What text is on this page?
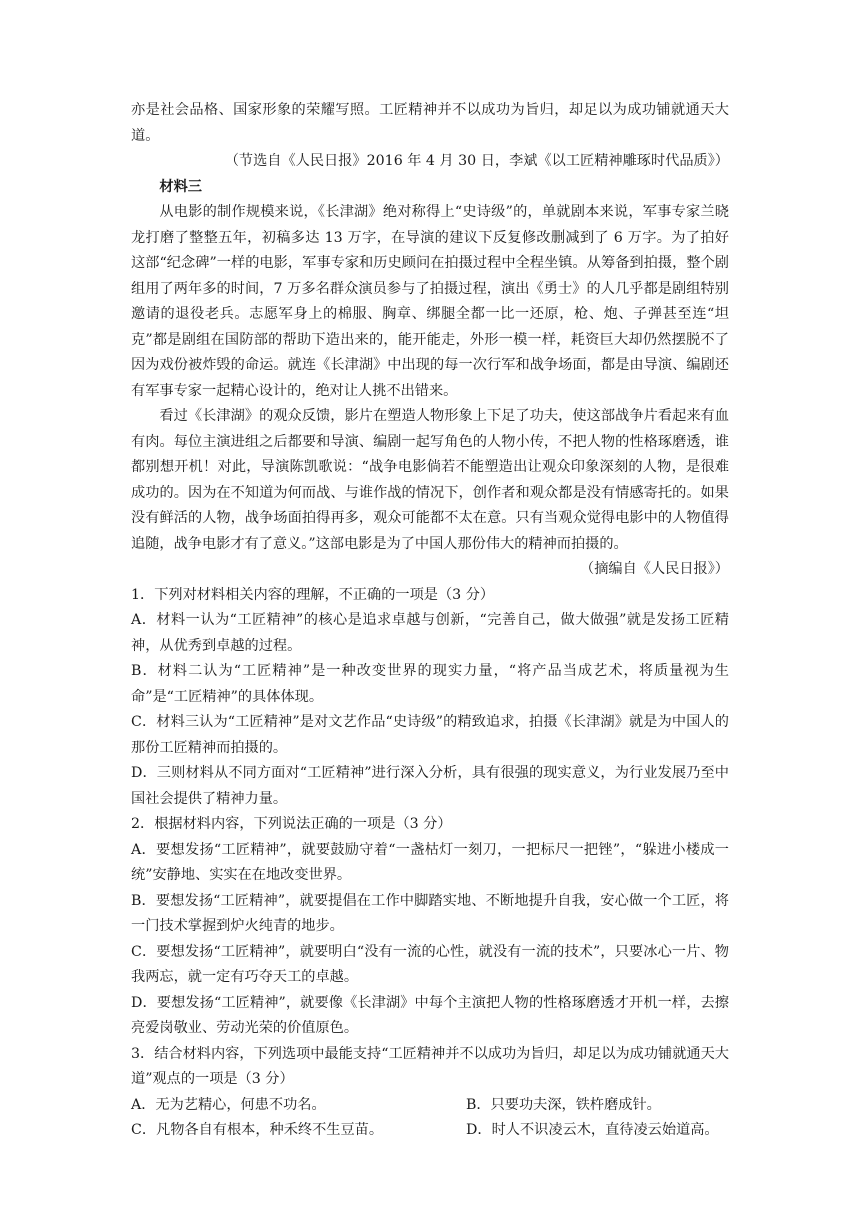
亦是社会品格、国家形象的荣耀写照。工匠精神并不以成功为旨归，却足以为成功铺就通天大道。

（节选自《人民日报》2016 年 4 月 30 日，李斌《以工匠精神雕琢时代品质》）

材料三

从电影的制作规模来说，《长津湖》绝对称得上“史诗级”的，单就剧本来说，军事专家兰晓龙打磨了整整五年，初稿多达 13 万字，在导演的建议下反复修改删减到了 6 万字。为了拍好这部“纪念碑”一样的电影，军事专家和历史顾问在拍摄过程中全程坐镇。从筹备到拍摄，整个剧组用了两年多的时间，7 万多名群众演员参与了拍摄过程，演出《勇士》的人几乎都是剧组特别邀请的退役老兵。志愿军身上的棉服、胸章、绑腿全都一比一还原，枪、炮、子弹甚至连“坦克”都是剧组在国防部的帮助下造出来的，能开能走，外形一模一样，耗资巨大却仍然摆脱不了因为戏份被炸毁的命运。就连《长津湖》中出现的每一次行军和战争场面，都是由导演、编剧还有军事专家一起精心设计的，绝对让人挑不出错来。

看过《长津湖》的观众反馈，影片在塑造人物形象上下足了功夫，使这部战争片看起来有血有肉。每位主演进组之后都要和导演、编剧一起写角色的人物小传，不把人物的性格琢磨透，谁都别想开机！对此，导演陈凯歌说：“战争电影倘若不能塑造出让观众印象深刻的人物，是很难成功的。因为在不知道为何而战、与谁作战的情况下，创作者和观众都是没有情感寄托的。如果没有鲜活的人物，战争场面拍得再多，观众可能都不太在意。只有当观众觉得电影中的人物值得追随，战争电影才有了意义。”这部电影是为了中国人那份伟大的精神而拍摄的。

（摘编自《人民日报》）

1．下列对材料相关内容的理解，不正确的一项是（3 分）

A．材料一认为“工匠精神”的核心是追求卓越与创新，“完善自己，做大做强”就是发扬工匠精神，从优秀到卓越的过程。

B．材料二认为“工匠精神”是一种改变世界的现实力量，“将产品当成艺术，将质量视为生命”是“工匠精神”的具体体现。

C．材料三认为“工匠精神”是对文艺作品“史诗级”的精致追求，拍摄《长津湖》就是为中国人的那份工匠精神而拍摄的。

D．三则材料从不同方面对“工匠精神”进行深入分析，具有很强的现实意义，为行业发展乃至中国社会提供了精神力量。

2．根据材料内容，下列说法正确的一项是（3 分）

A．要想发扬“工匠精神”，就要鼓励守着“一盏枯灯一刻刀，一把标尺一把锉”，“躲进小楼成一统”安静地、实实在在地改变世界。

B．要想发扬“工匠精神”，就要提倡在工作中脚踏实地、不断地提升自我，安心做一个工匠，将一门技术掌握到炉火纯青的地步。

C．要想发扬“工匠精神”，就要明白“没有一流的心性，就没有一流的技术”，只要冰心一片、物我两忘，就一定有巧夺天工的卓越。

D．要想发扬“工匠精神”，就要像《长津湖》中每个主演把人物的性格琢磨透才开机一样，去擦亮爱岗敬业、劳动光荣的价值原色。

3．结合材料内容，下列选项中最能支持“工匠精神并不以成功为旨归，却足以为成功铺就通天大道”观点的一项是（3 分）

A．无为艺精心，何患不功名。	B．只要功夫深，铁杵磨成针。

C．凡物各自有根本，种禾终不生豆苗。	D．时人不识凌云木，直待凌云始道高。
